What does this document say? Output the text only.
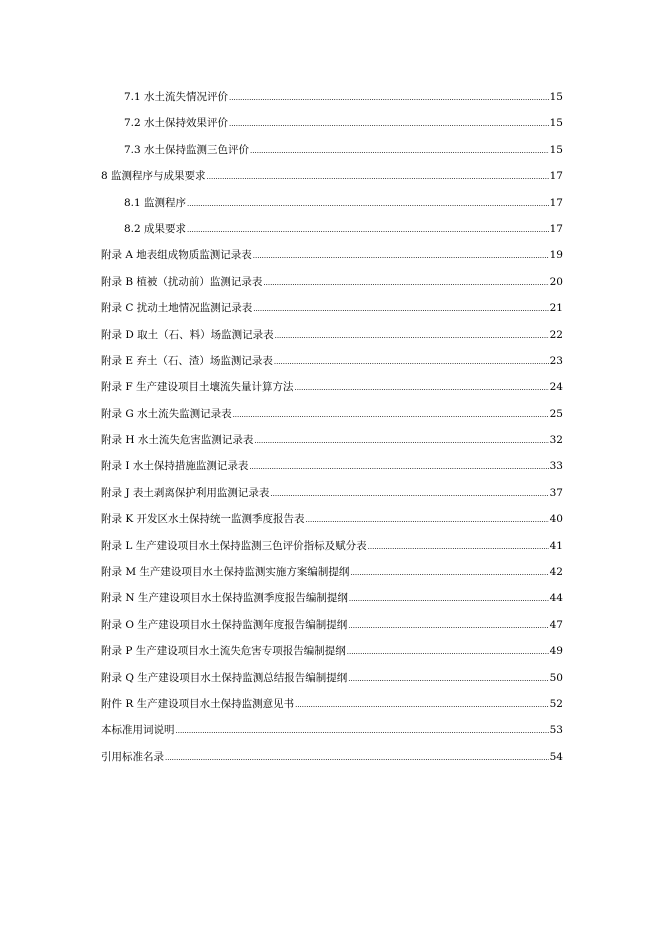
7.1 水土流失情况评价 .....	15
7.2 水土保持效果评价 .....	15
7.3 水土保持监测三色评价 .....	15
8 监测程序与成果要求 .....	17
8.1 监测程序 .....	17
8.2 成果要求 .....	17
附录 A 地表组成物质监测记录表 .....	19
附录 B 植被（扰动前）监测记录表 .....	20
附录 C 扰动土地情况监测记录表 .....	21
附录 D 取土（石、料）场监测记录表 .....	22
附录 E 弃土（石、渣）场监测记录表 .....	23
附录 F 生产建设项目土壤流失量计算方法 .....	24
附录 G 水土流失监测记录表 .....	25
附录 H 水土流失危害监测记录表 .....	32
附录 I 水土保持措施监测记录表 .....	33
附录 J 表土剥离保护利用监测记录表 .....	37
附录 K 开发区水土保持统一监测季度报告表 .....	40
附录 L 生产建设项目水土保持监测三色评价指标及赋分表 .....	41
附录 M 生产建设项目水土保持监测实施方案编制提纲 .....	42
附录 N 生产建设项目水土保持监测季度报告编制提纲 .....	44
附录 O 生产建设项目水土保持监测年度报告编制提纲 .....	47
附录 P 生产建设项目水土流失危害专项报告编制提纲 .....	49
附录 Q 生产建设项目水土保持监测总结报告编制提纲 .....	50
附件 R 生产建设项目水土保持监测意见书 .....	52
本标准用词说明 .....	53
引用标准名录 .....	54
